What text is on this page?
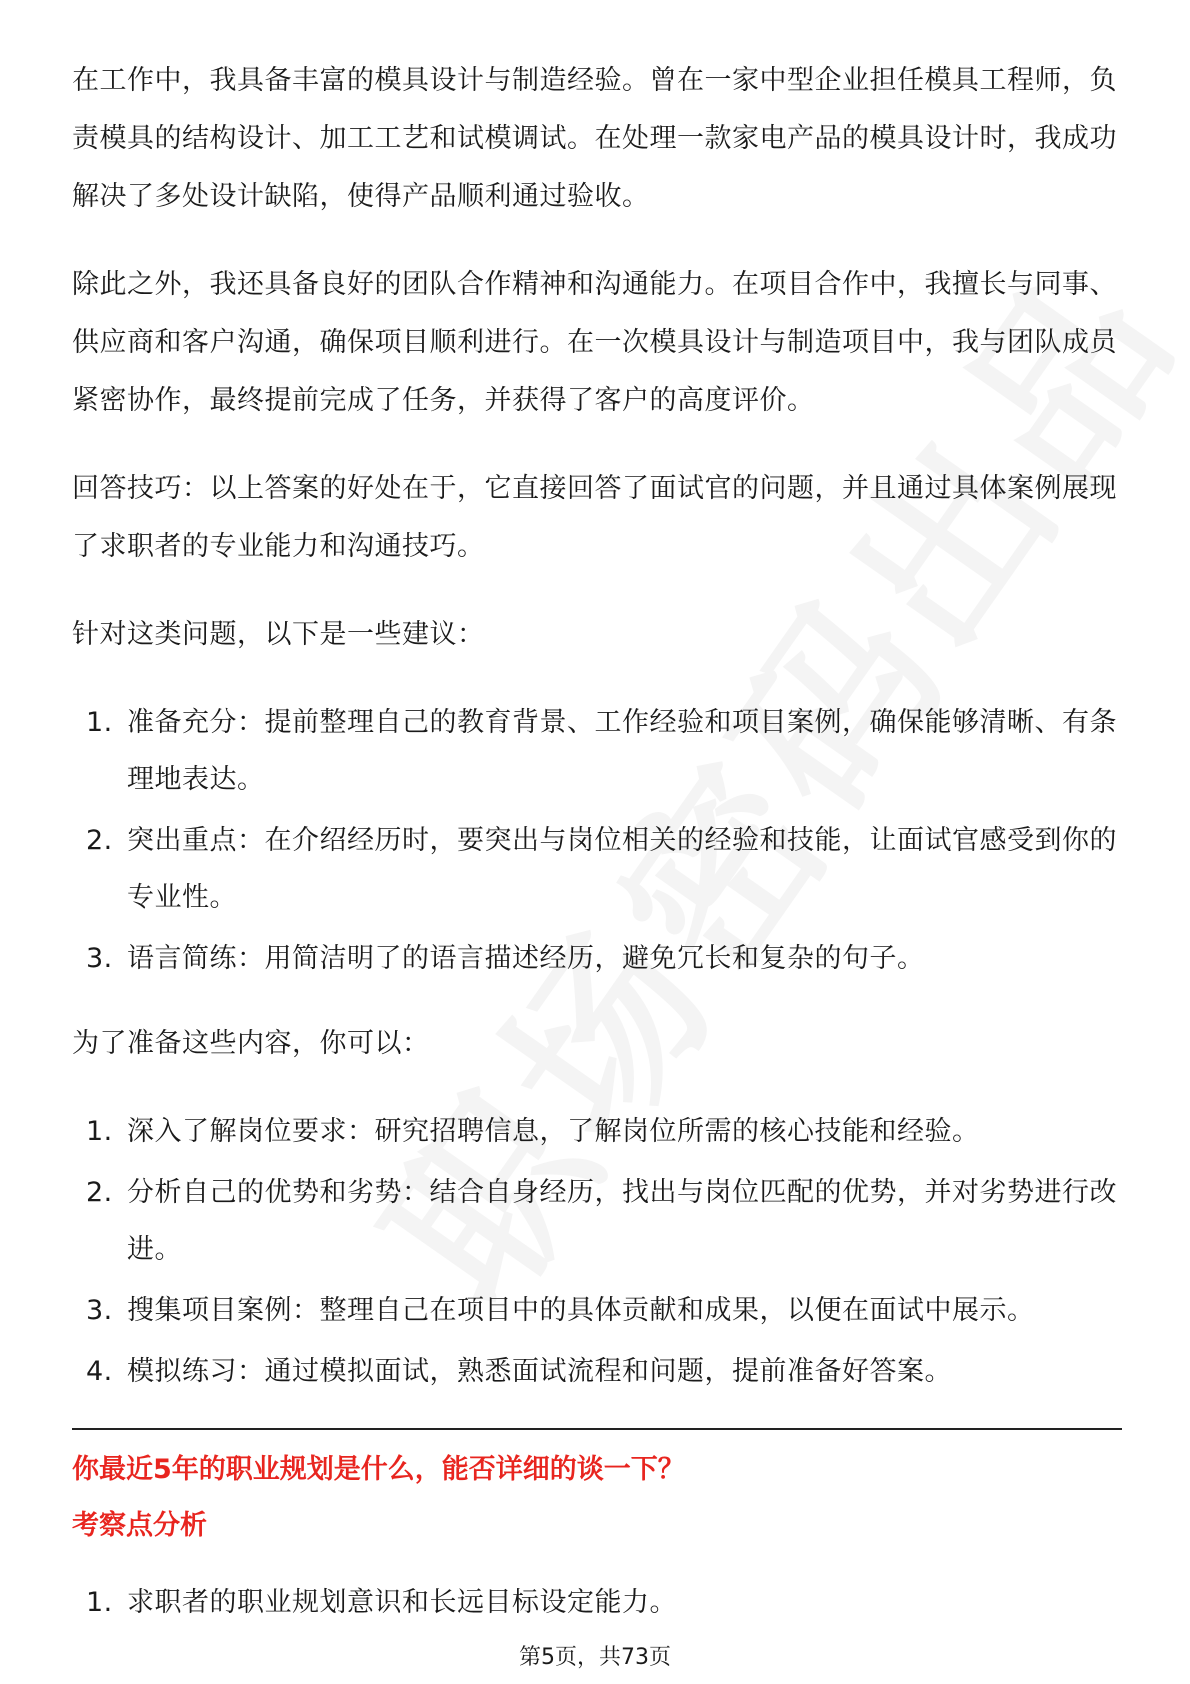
在工作中，我具备丰富的模具设计与制造经验。曾在一家中型企业担任模具工程师，负责模具的结构设计、加工工艺和试模调试。在处理一款家电产品的模具设计时，我成功解决了多处设计缺陷，使得产品顺利通过验收。

除此之外，我还具备良好的团队合作精神和沟通能力。在项目合作中，我擅长与同事、供应商和客户沟通，确保项目顺利进行。在一次模具设计与制造项目中，我与团队成员紧密协作，最终提前完成了任务，并获得了客户的高度评价。

回答技巧：以上答案的好处在于，它直接回答了面试官的问题，并且通过具体案例展现了求职者的专业能力和沟通技巧。

针对这类问题，以下是一些建议：

1. 准备充分：提前整理自己的教育背景、工作经验和项目案例，确保能够清晰、有条理地表达。
2. 突出重点：在介绍经历时，要突出与岗位相关的经验和技能，让面试官感受到你的专业性。
3. 语言简练：用简洁明了的语言描述经历，避免冗长和复杂的句子。

为了准备这些内容，你可以：

1. 深入了解岗位要求：研究招聘信息，了解岗位所需的核心技能和经验。
2. 分析自己的优势和劣势：结合自身经历，找出与岗位匹配的优势，并对劣势进行改进。
3. 搜集项目案例：整理自己在项目中的具体贡献和成果，以便在面试中展示。
4. 模拟练习：通过模拟面试，熟悉面试流程和问题，提前准备好答案。
你最近5年的职业规划是什么，能否详细的谈一下？
考察点分析
1. 求职者的职业规划意识和长远目标设定能力。
第5页，共73页
